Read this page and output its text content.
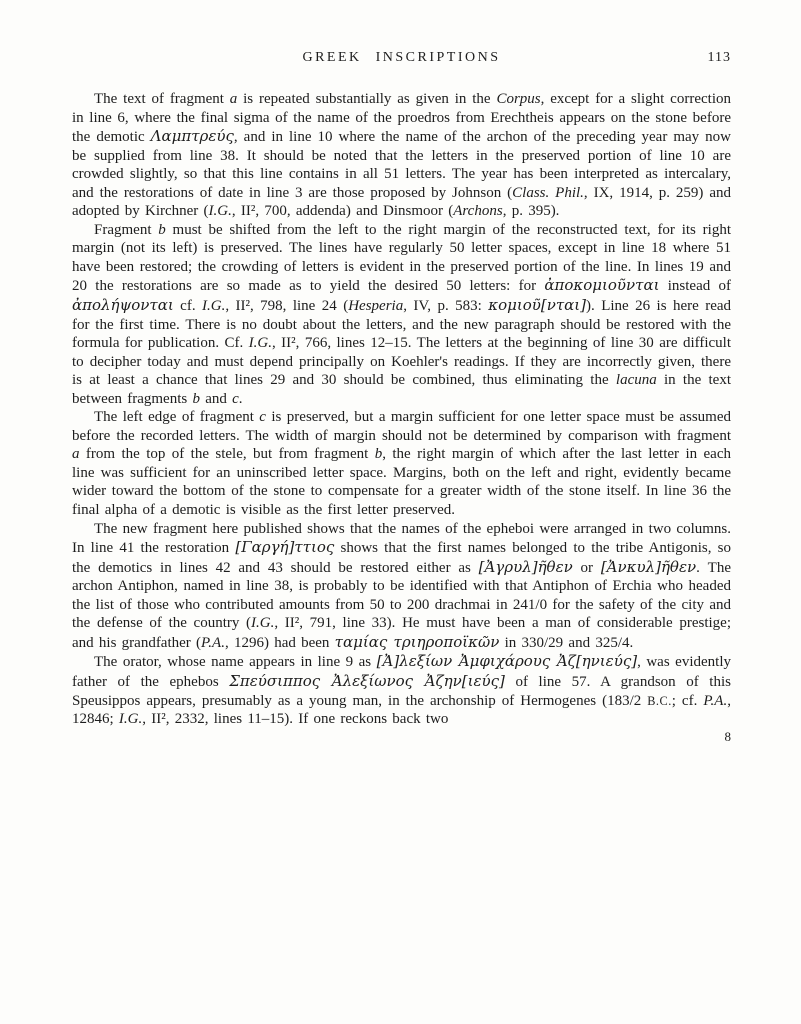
GREEK INSCRIPTIONS	113

The text of fragment a is repeated substantially as given in the Corpus, except for a slight correction in line 6, where the final sigma of the name of the proedros from Erechtheis appears on the stone before the demotic Λαμπτρεύς, and in line 10 where the name of the archon of the preceding year may now be supplied from line 38. It should be noted that the letters in the preserved portion of line 10 are crowded slightly, so that this line contains in all 51 letters. The year has been interpreted as intercalary, and the restorations of date in line 3 are those proposed by Johnson (Class. Phil., IX, 1914, p. 259) and adopted by Kirchner (I.G., II², 700, addenda) and Dinsmoor (Archons, p. 395).

Fragment b must be shifted from the left to the right margin of the reconstructed text, for its right margin (not its left) is preserved. The lines have regularly 50 letter spaces, except in line 18 where 51 have been restored; the crowding of letters is evident in the preserved portion of the line. In lines 19 and 20 the restorations are so made as to yield the desired 50 letters: for ἀποκομιοῦνται instead of ἀπολήψονται cf. I.G., II², 798, line 24 (Hesperia, IV, p. 583: κομιοῦ[νται]). Line 26 is here read for the first time. There is no doubt about the letters, and the new paragraph should be restored with the formula for publication. Cf. I.G., II², 766, lines 12–15. The letters at the beginning of line 30 are difficult to decipher today and must depend principally on Koehler's readings. If they are incorrectly given, there is at least a chance that lines 29 and 30 should be combined, thus eliminating the lacuna in the text between fragments b and c.

The left edge of fragment c is preserved, but a margin sufficient for one letter space must be assumed before the recorded letters. The width of margin should not be determined by comparison with fragment a from the top of the stele, but from fragment b, the right margin of which after the last letter in each line was sufficient for an uninscribed letter space. Margins, both on the left and right, evidently became wider toward the bottom of the stone to compensate for a greater width of the stone itself. In line 36 the final alpha of a demotic is visible as the first letter preserved.

The new fragment here published shows that the names of the epheboi were arranged in two columns. In line 41 the restoration [Γαργή]ττιος shows that the first names belonged to the tribe Antigonis, so the demotics in lines 42 and 43 should be restored either as [Ἀγρυλ]ῆθεν or [Ἀνκυλ]ῆθεν. The archon Antiphon, named in line 38, is probably to be identified with that Antiphon of Erchia who headed the list of those who contributed amounts from 50 to 200 drachmai in 241/0 for the safety of the city and the defense of the country (I.G., II², 791, line 33). He must have been a man of considerable prestige; and his grandfather (P.A., 1296) had been ταμίας τριηροποϊκῶν in 330/29 and 325/4.

The orator, whose name appears in line 9 as [Ἀ]λεξίων Ἀμφιχάρους Ἀζ[ηνιεύς], was evidently father of the ephebos Σπεύσιππος Ἀλεξίωνος Ἀζην[ιεύς] of line 57. A grandson of this Speusippos appears, presumably as a young man, in the archonship of Hermogenes (183/2 B.C.; cf. P.A., 12846; I.G., II², 2332, lines 11–15). If one reckons back two

8
